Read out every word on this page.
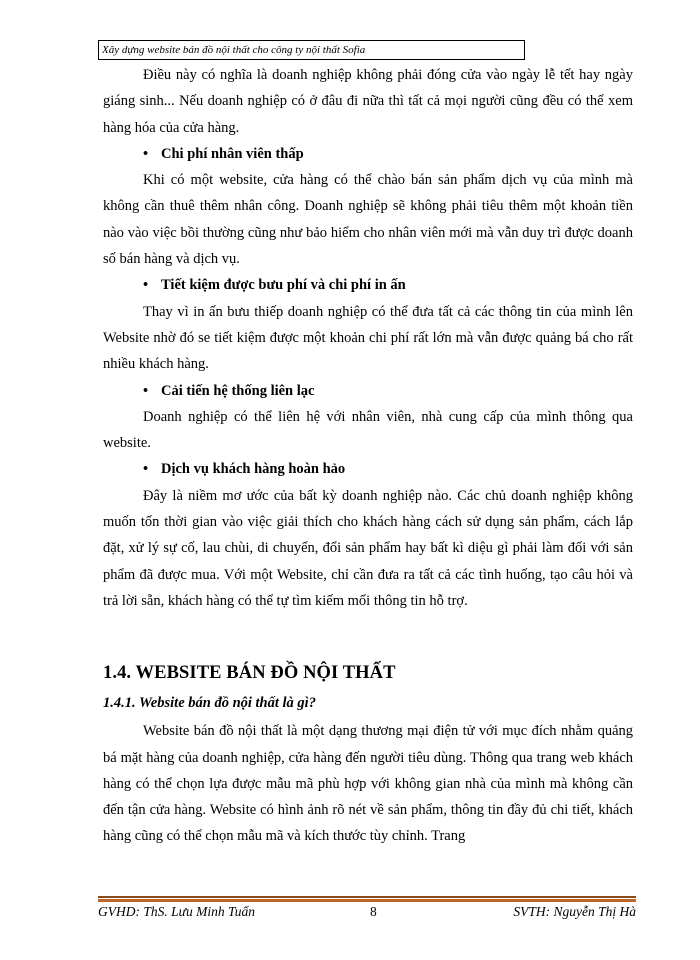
Xây dựng website bán đồ nội thất cho công ty nội thất Sofia

Điều này có nghĩa là doanh nghiệp không phải đóng cửa vào ngày lễ tết hay ngày giáng sinh... Nếu doanh nghiệp có ở đâu đi nữa thì tất cả mọi người cũng đều có thể xem hàng hóa của cửa hàng.

• Chi phí nhân viên thấp

Khi có một website, cửa hàng có thể chào bán sản phẩm dịch vụ của mình mà không cần thuê thêm nhân công. Doanh nghiệp sẽ không phải tiêu thêm một khoản tiền nào vào việc bồi thường cũng như bảo hiểm cho nhân viên mới mà vẫn duy trì được doanh số bán hàng và dịch vụ.

• Tiết kiệm được bưu phí và chi phí in ấn

Thay vì in ấn bưu thiếp doanh nghiệp có thể đưa tất cả các thông tin của mình lên Website nhờ đó se tiết kiệm được một khoản chi phí rất lớn mà vẫn được quảng bá cho rất nhiều khách hàng.

• Cải tiến hệ thống liên lạc

Doanh nghiệp có thể liên hệ với nhân viên, nhà cung cấp của mình thông qua website.

• Dịch vụ khách hàng hoàn hảo

Đây là niềm mơ ước của bất kỳ doanh nghiệp nào. Các chủ doanh nghiệp không muốn tốn thời gian vào việc giải thích cho khách hàng cách sử dụng sản phẩm, cách lắp đặt, xử lý sự cố, lau chùi, di chuyển, đổi sản phẩm hay bất kì diệu gì phải làm đối với sản phẩm đã được mua. Với một Website, chỉ cần đưa ra tất cả các tình huống, tạo câu hỏi và trả lời sẵn, khách hàng có thể tự tìm kiếm mối thông tin hỗ trợ.

1.4. WEBSITE BÁN ĐỒ NỘI THẤT
1.4.1. Website bán đồ nội thất là gì?

Website bán đồ nội thất là một dạng thương mại điện tử với mục đích nhằm quảng bá mặt hàng của doanh nghiệp, cửa hàng đến người tiêu dùng. Thông qua trang web khách hàng có thể chọn lựa được mẫu mã phù hợp với không gian nhà của mình mà không cần đến tận cửa hàng. Website có hình ảnh rõ nét về sản phẩm, thông tin đầy đủ chi tiết, khách hàng cũng có thể chọn mẫu mã và kích thước tùy chỉnh. Trang

GVHD: ThS. Lưu Minh Tuấn	8	SVTH: Nguyễn Thị Hà
